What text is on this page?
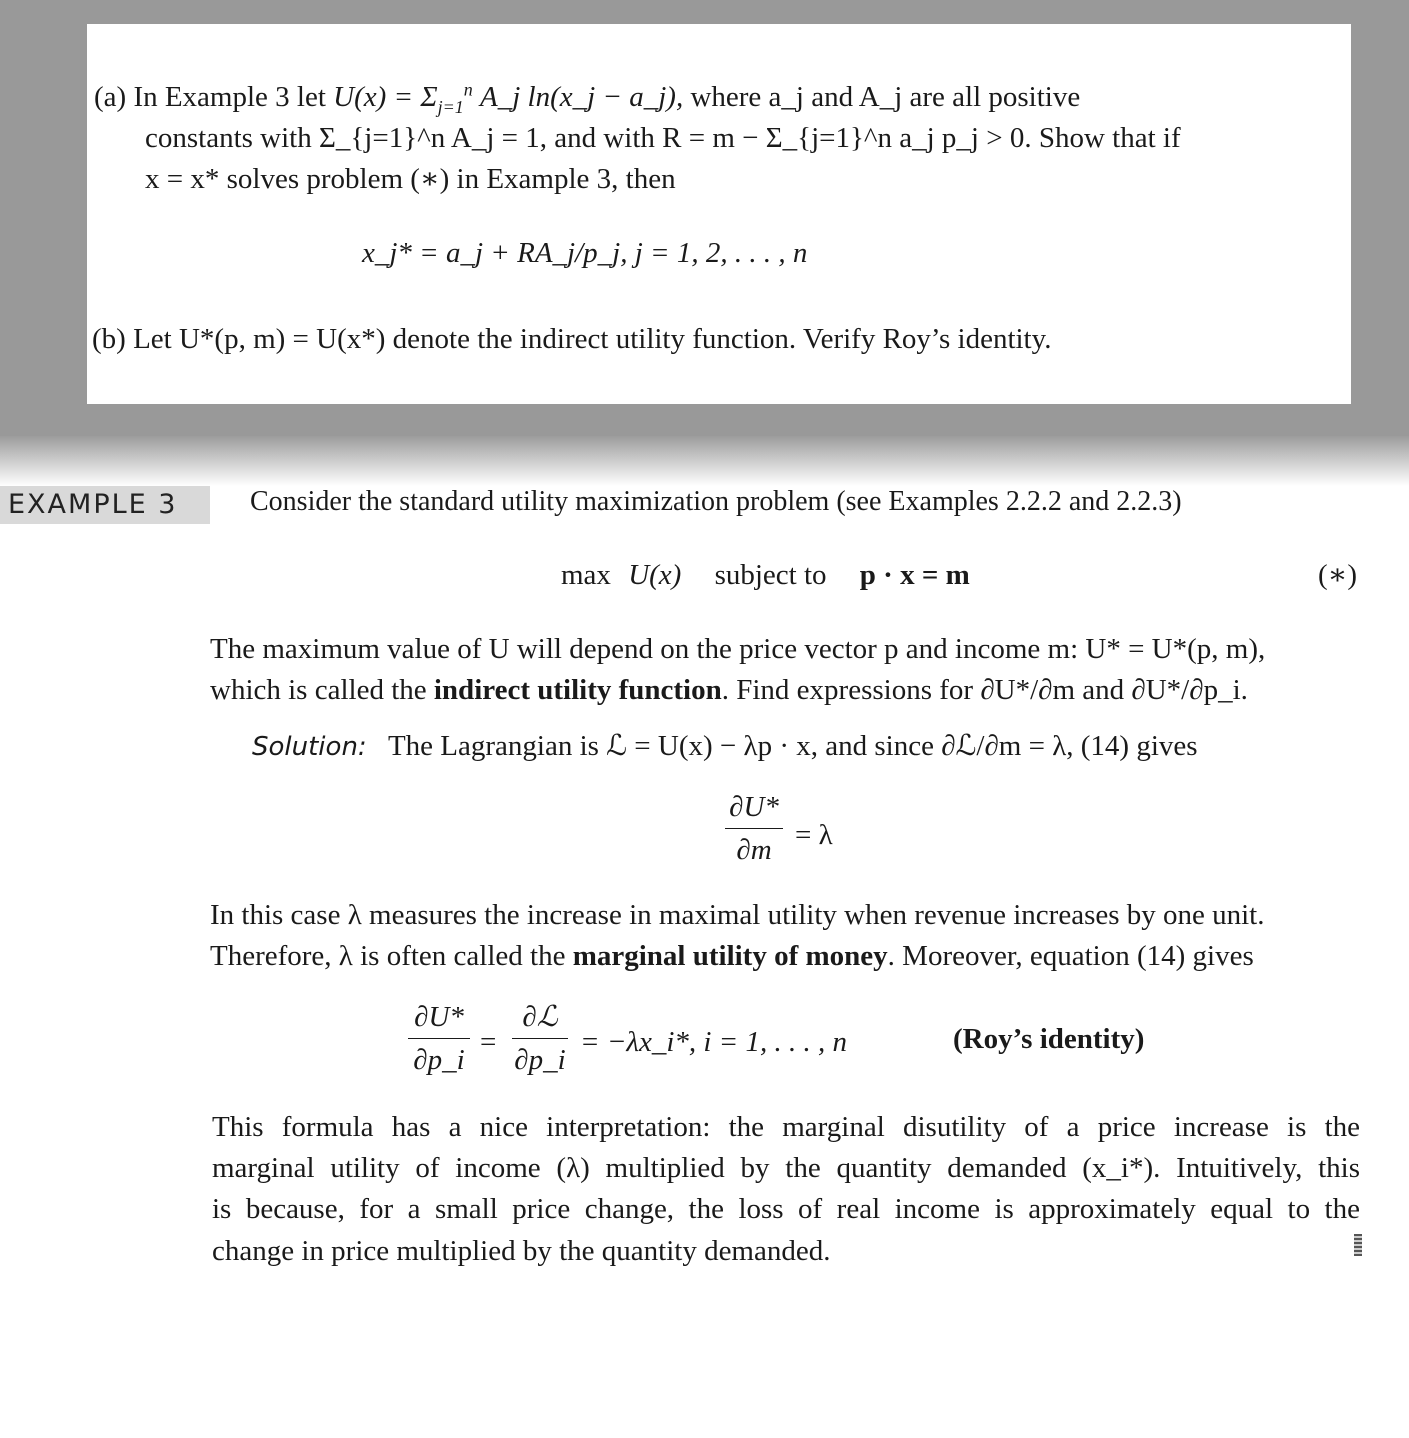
(a) In Example 3 let $U(x) = \Sigma_{j=1}^n$ A_j ln(x_j − a_j), where a_j and A_j are all positive
constants with Σ_{j=1}^n A_j = 1, and with R = m − Σ_{j=1}^n a_j p_j > 0. Show that if
x = x* solves problem (∗) in Example 3, then
x_j* = a_j + RA_j/p_j, j = 1, 2, . . . , n
(b) Let U*(p, m) = U(x*) denote the indirect utility function. Verify Roy’s identity.
EXAMPLE 3	Consider the standard utility maximization problem (see Examples 2.2.2 and 2.2.3)
max U(x) subject to p · x = m	(∗)
The maximum value of U will depend on the price vector p and income m: U* = U*(p, m),
which is called the indirect utility function. Find expressions for ∂U*/∂m and ∂U*/∂p_i.
Solution: The Lagrangian is ℒ = U(x) − λp · x, and since ∂ℒ/∂m = λ, (14) gives
∂U*
∂m = λ
In this case λ measures the increase in maximal utility when revenue increases by one unit.
Therefore, λ is often called the marginal utility of money. Moreover, equation (14) gives
∂U*
∂p_i
=
∂ℒ
∂p_i
= −λx_i*, i = 1, . . . , n	(Roy’s identity)
This formula has a nice interpretation: the marginal disutility of a price increase is the
marginal utility of income (λ) multiplied by the quantity demanded (x_i*). Intuitively, this
is because, for a small price change, the loss of real income is approximately equal to the
change in price multiplied by the quantity demanded.
